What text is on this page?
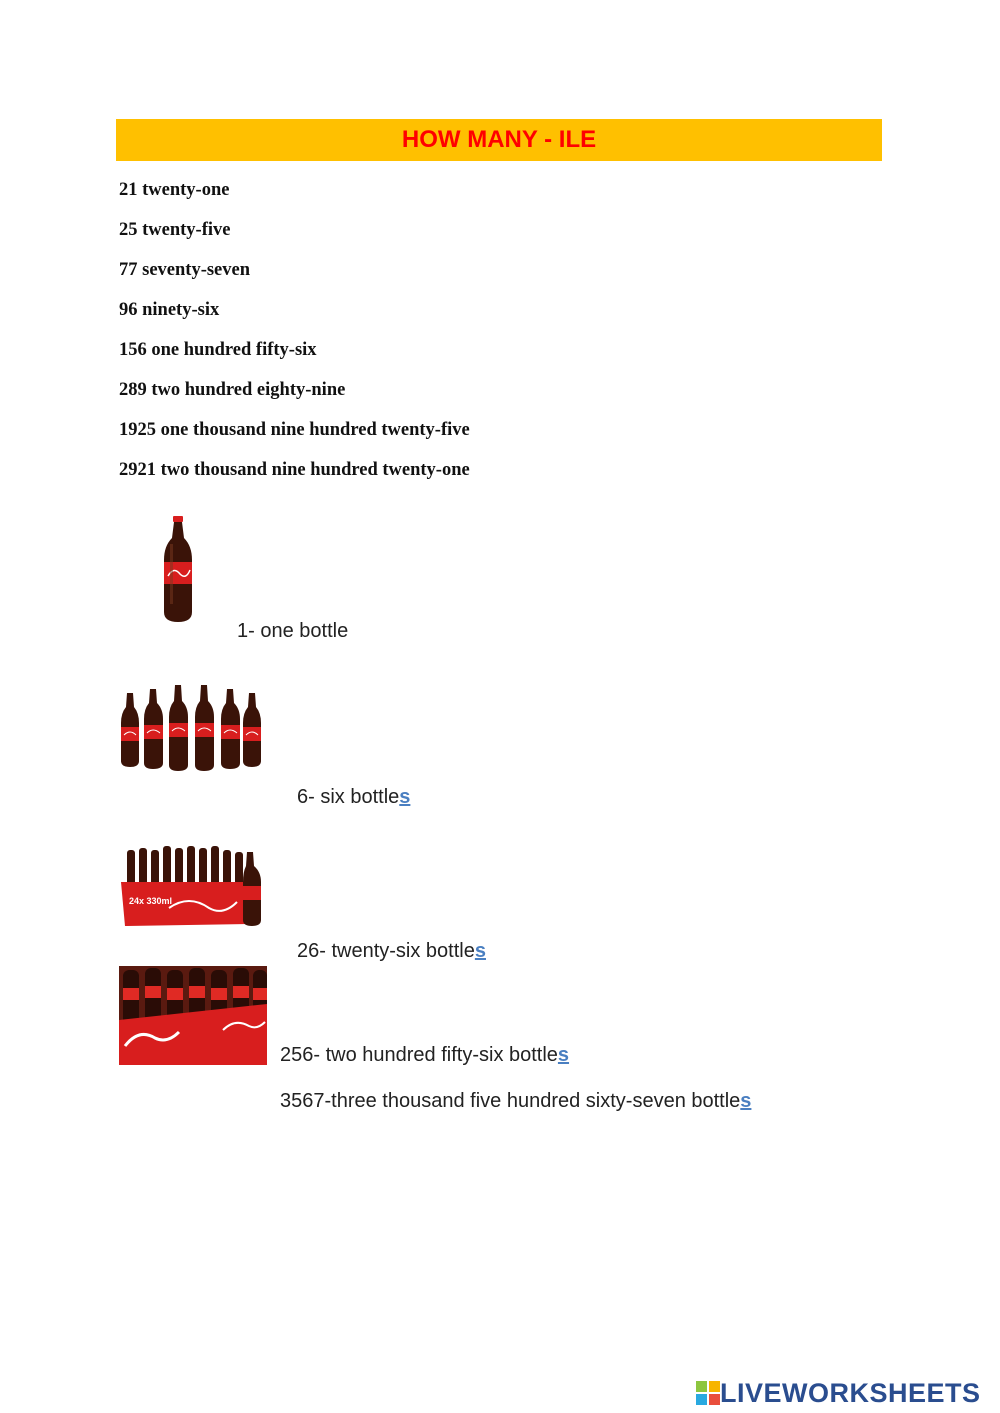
HOW MANY - ILE
21 twenty-one
25 twenty-five
77 seventy-seven
96 ninety-six
156 one hundred fifty-six
289 two hundred eighty-nine
1925 one thousand nine hundred twenty-five
2921 two thousand nine hundred twenty-one
1- one bottle
6- six bottles
24x 330ml
26- twenty-six bottles
256- two hundred fifty-six bottles
3567-three thousand five hundred sixty-seven bottles
LIVEWORKSHEETS
